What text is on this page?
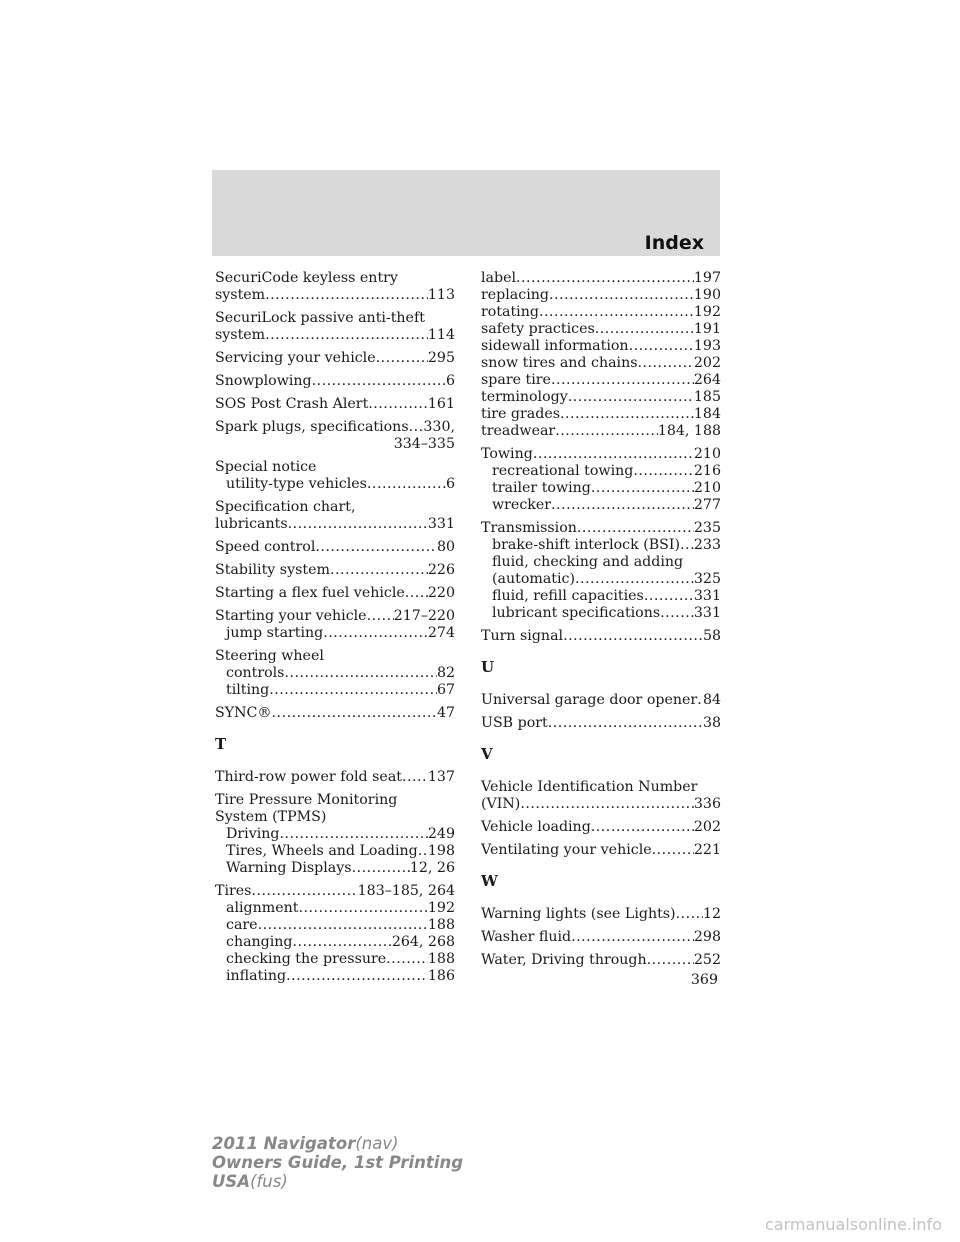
Index
SecuriCode keyless entry
system .....	113
SecuriLock passive anti-theft
system .....	114
Servicing your vehicle .....	295
Snowplowing .....	6
SOS Post Crash Alert .....	161
Spark plugs, specifications ..... 330,
334–335
Special notice
utility-type vehicles .....	6
Specification chart,
lubricants .....	331
Speed control .....	80
Stability system .....	226
Starting a flex fuel vehicle ..... 220
Starting your vehicle ..... 217–220
jump starting .....	274
Steering wheel
controls .....	82
tilting .....	67
SYNC® .....	47
T
Third-row power fold seat ..... 137
Tire Pressure Monitoring
System (TPMS)
Driving .....	249
Tires, Wheels and Loading ..... 198
Warning Displays .....	12, 26
Tires .....	183–185, 264
alignment .....	192
care .....	188
changing .....	264, 268
checking the pressure .....	188
inflating .....	186
label .....	197
replacing .....	190
rotating .....	192
safety practices .....	191
sidewall information .....	193
snow tires and chains .....	202
spare tire .....	264
terminology .....	185
tire grades .....	184
treadwear .....	184, 188
Towing .....	210
recreational towing .....	216
trailer towing .....	210
wrecker .....	277
Transmission .....	235
brake-shift interlock (BSI) ..... 233
fluid, checking and adding
(automatic) .....	325
fluid, refill capacities .....	331
lubricant specifications ..... 331
Turn signal .....	58
U
Universal garage door opener ..... 84
USB port .....	38
V
Vehicle Identification Number
(VIN) .....	336
Vehicle loading .....	202
Ventilating your vehicle .....	221
W
Warning lights (see Lights) ..... 12
Washer fluid .....	298
Water, Driving through .....	252
369
2011 Navigator(nav)
Owners Guide, 1st Printing
USA(fus)
carmanualsonline.info
